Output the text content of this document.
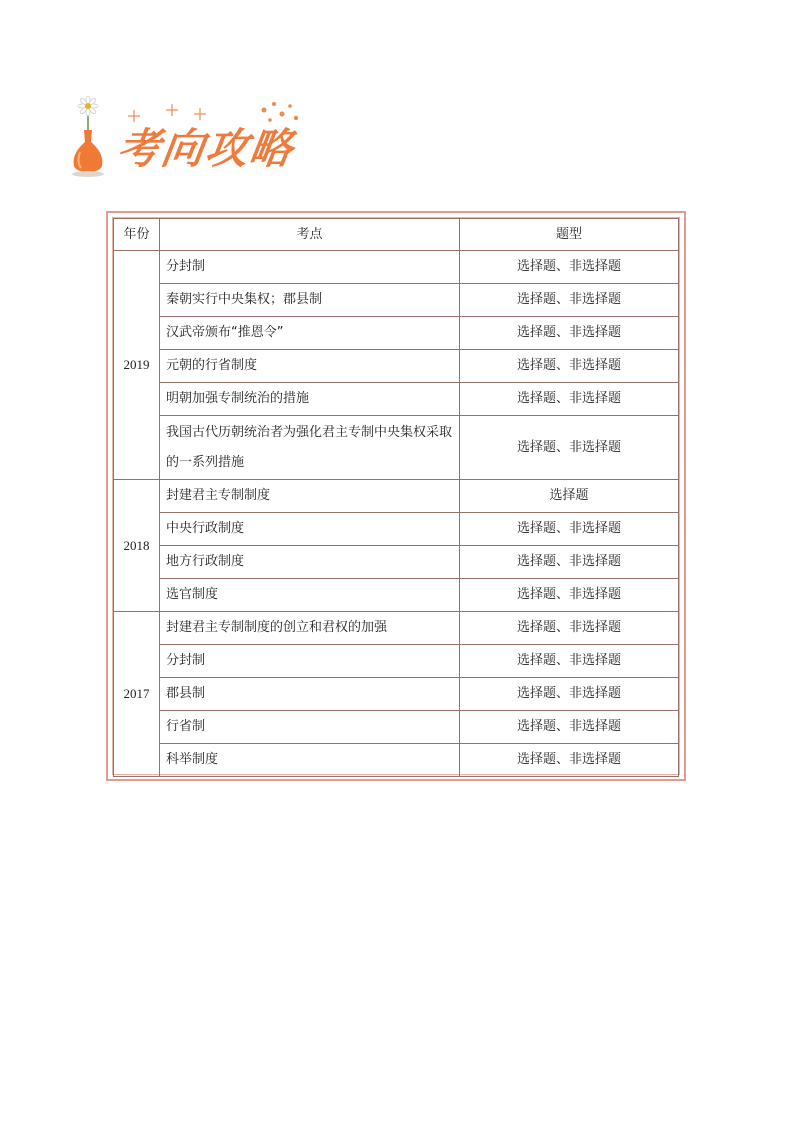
考向攻略
年份	考点	题型
2019	分封制	选择题、非选择题
	秦朝实行中央集权；郡县制	选择题、非选择题
	汉武帝颁布“推恩令”	选择题、非选择题
	元朝的行省制度	选择题、非选择题
	明朝加强专制统治的措施	选择题、非选择题
	我国古代历朝统治者为强化君主专制中央集权采取的一系列措施	选择题、非选择题
2018	封建君主专制制度	选择题
	中央行政制度	选择题、非选择题
	地方行政制度	选择题、非选择题
	选官制度	选择题、非选择题
2017	封建君主专制制度的创立和君权的加强	选择题、非选择题
	分封制	选择题、非选择题
	郡县制	选择题、非选择题
	行省制	选择题、非选择题
	科举制度	选择题、非选择题
